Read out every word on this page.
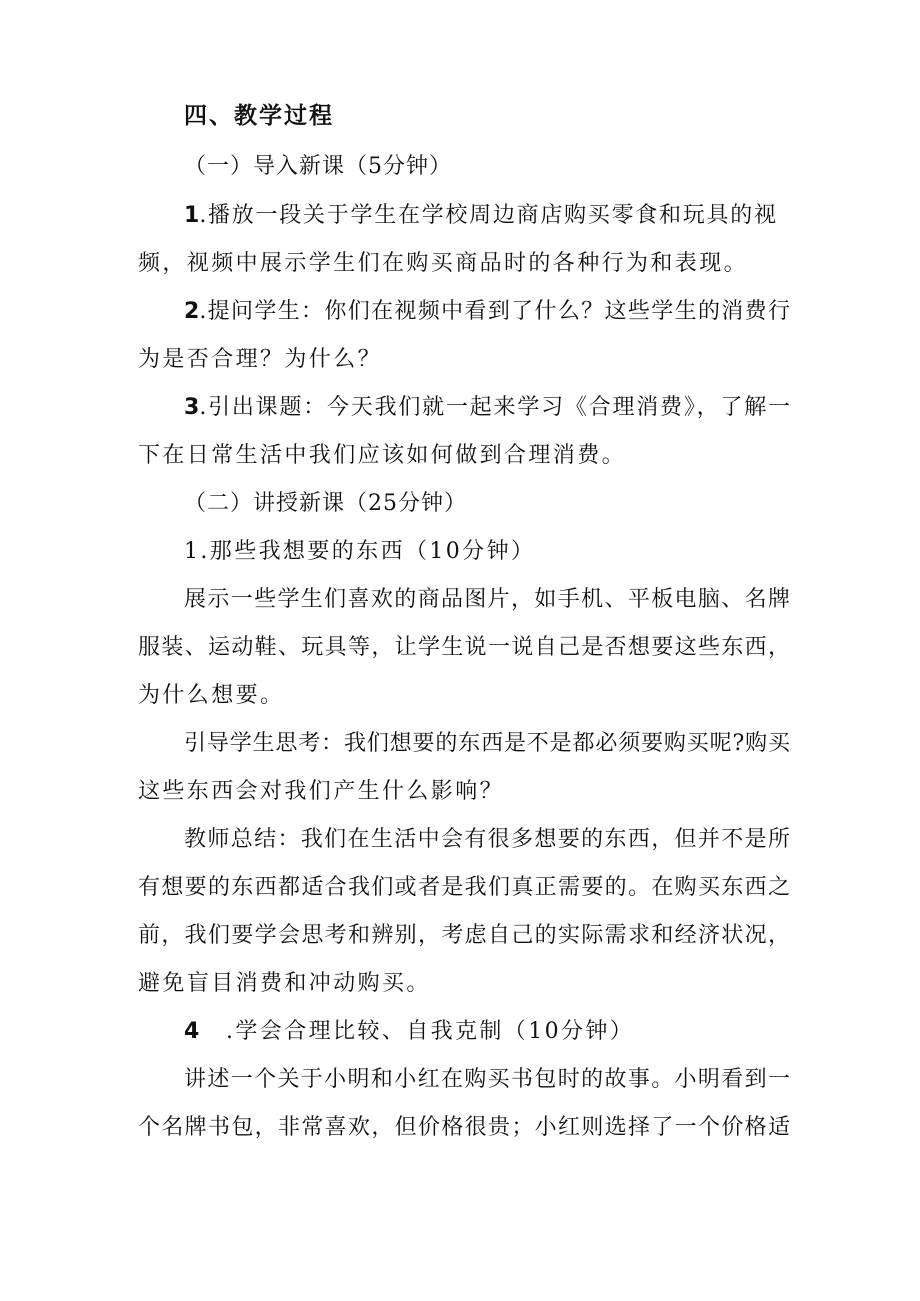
四、教学过程
（一）导入新课（5分钟）
1.播放一段关于学生在学校周边商店购买零食和玩具的视
频，视频中展示学生们在购买商品时的各种行为和表现。
2.提问学生：你们在视频中看到了什么？这些学生的消费行
为是否合理？为什么？
3.引出课题：今天我们就一起来学习《合理消费》，了解一
下在日常生活中我们应该如何做到合理消费。
（二）讲授新课（25分钟）
1.那些我想要的东西（10分钟）
展示一些学生们喜欢的商品图片，如手机、平板电脑、名牌
服装、运动鞋、玩具等，让学生说一说自己是否想要这些东西，
为什么想要。
引导学生思考：我们想要的东西是不是都必须要购买呢?购买
这些东西会对我们产生什么影响？
教师总结：我们在生活中会有很多想要的东西，但并不是所
有想要的东西都适合我们或者是我们真正需要的。在购买东西之
前，我们要学会思考和辨别，考虑自己的实际需求和经济状况，
避免盲目消费和冲动购买。
4 .学会合理比较、自我克制（10分钟）
讲述一个关于小明和小红在购买书包时的故事。小明看到一
个名牌书包，非常喜欢，但价格很贵；小红则选择了一个价格适
